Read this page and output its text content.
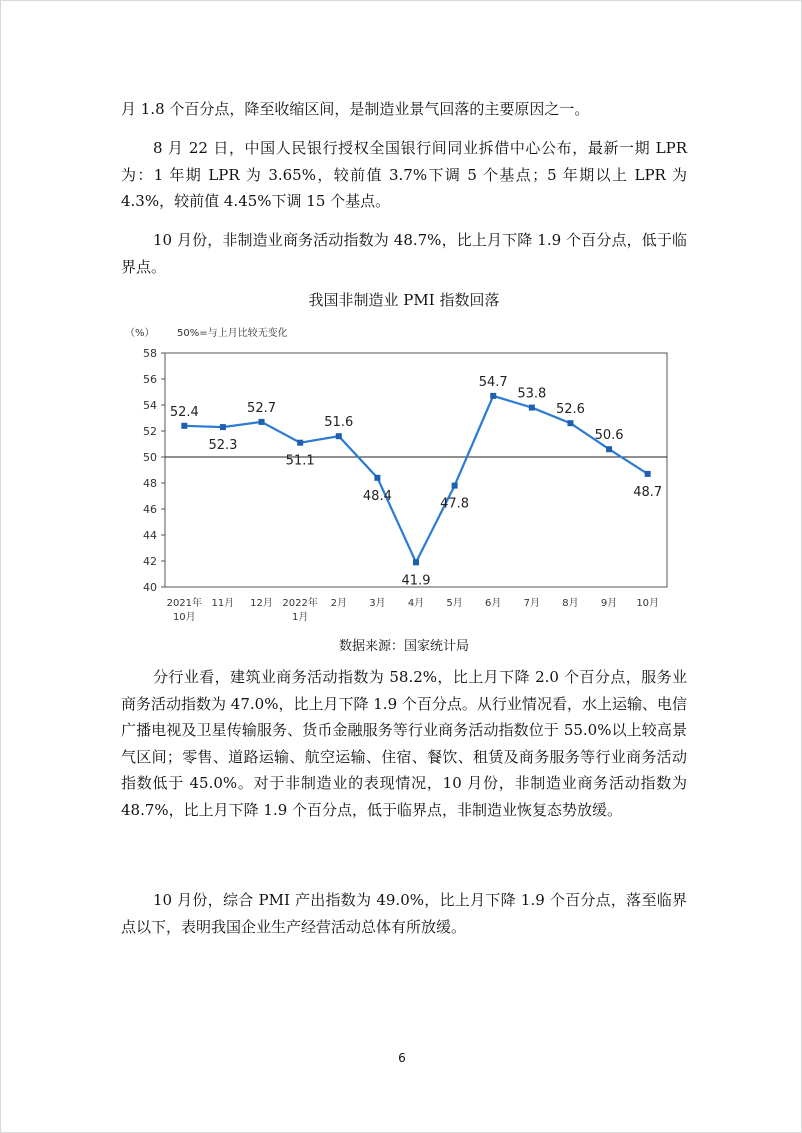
月 1.8 个百分点，降至收缩区间，是制造业景气回落的主要原因之一。

8 月 22 日，中国人民银行授权全国银行间同业拆借中心公布，最新一期 LPR 为：1 年期 LPR 为 3.65%，较前值 3.7%下调 5 个基点；5 年期以上 LPR 为 4.3%，较前值 4.45%下调 15 个基点。

10 月份，非制造业商务活动指数为 48.7%，比上月下降 1.9 个百分点，低于临界点。

我国非制造业 PMI 指数回落
（%） 50%=与上月比较无变化
40
42
44
46
48
50
52
54
56
58
2021年
10月
11月 12月 2022年
1月
2月 3月 4月 5月 6月 7月 8月 9月 10月
52.4
52.3
52.7
51.1
51.6
48.4
41.9
47.8
54.7
53.8
52.6
50.6
48.7
数据来源：国家统计局

分行业看，建筑业商务活动指数为 58.2%，比上月下降 2.0 个百分点，服务业商务活动指数为 47.0%，比上月下降 1.9 个百分点。从行业情况看，水上运输、电信广播电视及卫星传输服务、货币金融服务等行业商务活动指数位于 55.0%以上较高景气区间；零售、道路运输、航空运输、住宿、餐饮、租赁及商务服务等行业商务活动指数低于 45.0%。对于非制造业的表现情况，10 月份，非制造业商务活动指数为 48.7%，比上月下降 1.9 个百分点，低于临界点，非制造业恢复态势放缓。

10 月份，综合 PMI 产出指数为 49.0%，比上月下降 1.9 个百分点，落至临界点以下，表明我国企业生产经营活动总体有所放缓。

6
